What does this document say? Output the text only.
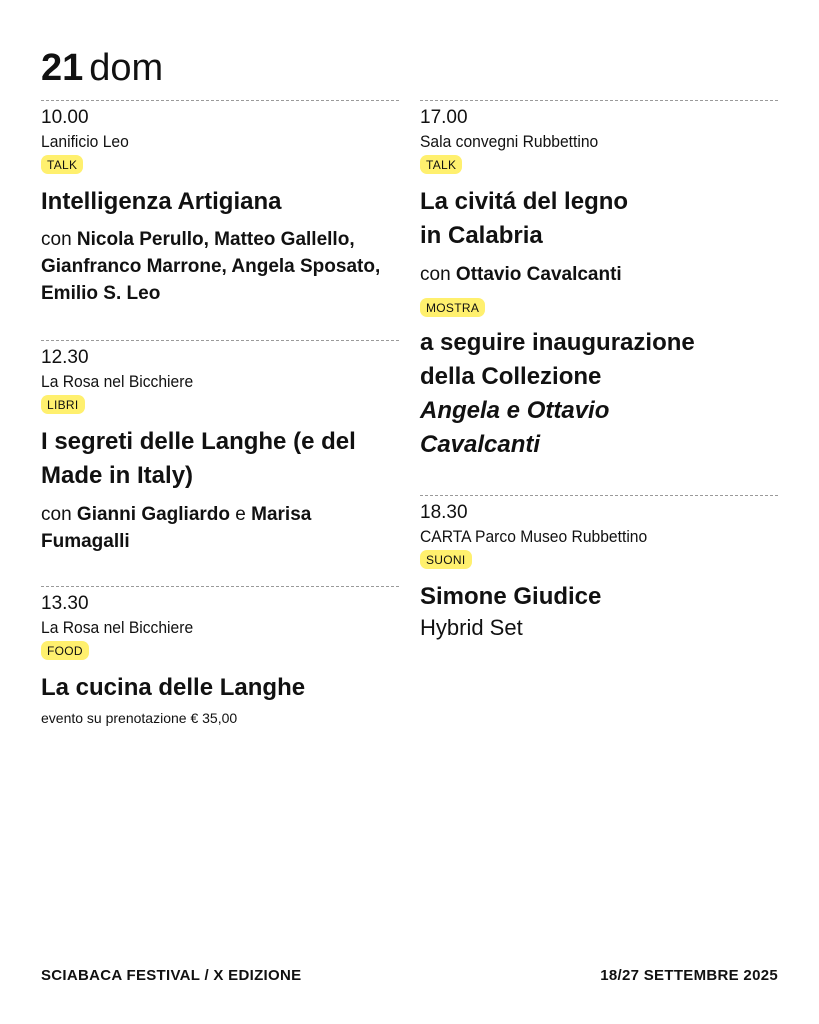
21 dom
10.00
Lanificio Leo
TALK
Intelligenza Artigiana
con Nicola Perullo, Matteo Gallello, Gianfranco Marrone, Angela Sposato, Emilio S. Leo
12.30
La Rosa nel Bicchiere
LIBRI
I segreti delle Langhe (e del Made in Italy)
con Gianni Gagliardo e Marisa Fumagalli
13.30
La Rosa nel Bicchiere
FOOD
La cucina delle Langhe
evento su prenotazione € 35,00
17.00
Sala convegni Rubbettino
TALK
La civitá del legno
in Calabria
con Ottavio Cavalcanti
MOSTRA
a seguire inaugurazione
della Collezione
Angela e Ottavio
Cavalcanti
18.30
CARTA Parco Museo Rubbettino
SUONI
Simone Giudice
Hybrid Set
SCIABACA FESTIVAL / X EDIZIONE	18/27 SETTEMBRE 2025
